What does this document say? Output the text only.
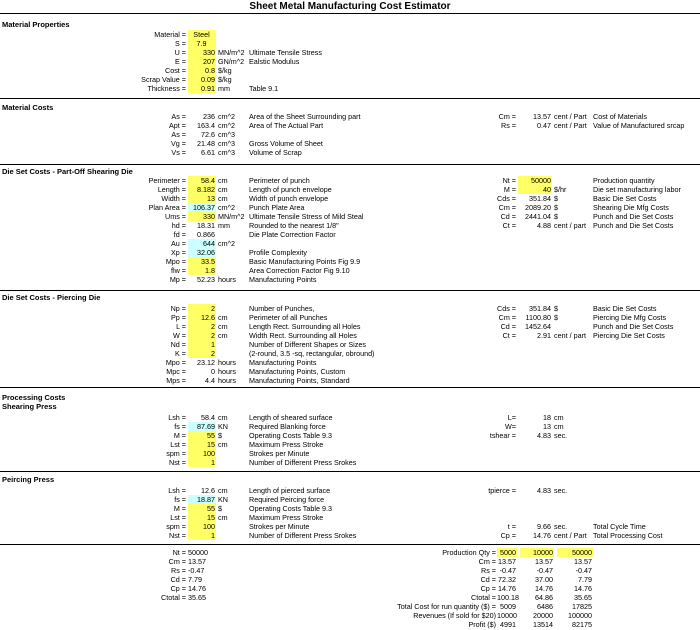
Sheet Metal Manufacturing Cost Estimator
Material Properties
Material Costs
Die Set Costs - Part-Off Shearing Die
Die Set Costs - Piercing Die
Processing Costs
Shearing Press
Peircing Press
Material =	Steel
S =	7.9
U =	330 MN/m^2 Ultimate Tensile Stress
E =	207 GN/m^2 Ealstic Modulus
Cost =	0.8 $/kg
Scrap Value =	0.09 $/kg
Thickness =	0.91 mm	Table 9.1
As =	236 cm^2 Area of the Sheet Surrounding part	Cm =	13.57 cent / Part Cost of Materials
Apt =	163.4 cm^2 Area of The Actual Part	Rs =	0.47 cent / Part Value of Manufactured srcap
As =	72.6 cm^3
Vg =	21.48 cm^3 Gross Volume of Sheet
Vs =	6.61 cm^3 Volume of Scrap
Perimeter =	58.4 cm	Perimeter of punch	Nt =	50000	Production quantity
Length =	8.182 cm	Length of punch envelope	M =	40 $/hr	Die set manufacturing labor
Width =	13 cm	Width of punch envelope	Cds =	351.84 $	Basic Die Set Costs
Plan Area = 106.37 cm^2 Punch Plate Area	Cm =	2089.20 $	Shearing Die Mfg Costs
Ums =	330 MN/m^2 Ultimate Tensile Stress of Mild Steal	Cd =	2441.04 $	Punch and Die Set Costs
hd =	18.31 mm	Rounded to the nearest 1/8"	Ct =	4.88 cent / part Punch and Die Set Costs
fd =	0.866	Die Plate Correction Factor
Au =	644 cm^2
Xp =	32.06	Profile Complexity
Mpo =	33.5	Basic Manufacturing Points Fig 9.9
flw =	1.8	Area Correction Factor Fig 9.10
Mp =	52.23 hours Manufacturing Points
Np =	2	Number of Punches,	Cds =	351.84 $	Basic Die Set Costs
Pp =	12.6 cm	Perimeter of all Punches	Cm =	1100.80 $	Piercing Die Mfg Costs
L =	2 cm	Length Rect. Surrounding all Holes	Cd =	1452.64	Punch and Die Set Costs
W =	2 cm	Width Rect. Surrounding all Holes	Ct =	2.91 cent / part Piercing Die Set Costs
Nd =	1	Number of Different Shapes or Sizes
K =	2	(2-round, 3.5 -sq, rectangular, obround)
Mpo =	23.12 hours Manufacturing Points
Mpc =	0 hours Manufacturing Points, Custom
Mps =	4.4 hours Manufacturing Points, Standard
Lsh =	58.4 cm	Length of sheared surface	L=	18 cm
fs =	87.69 KN	Required Blanking force	W=	13 cm
M =	55 $	Operating Costs Table 9.3	tshear =	4.83 sec.
Lst =	15 cm	Maximum Press Stroke
spm =	100	Strokes per Minute
Nst =	1	Number of Different Press Srokes
Lsh =	12.6 cm	Length of pierced surface	tpierce =	4.83 sec.
fs =	18.87 KN	Required Peircing force
M =	55 $	Operating Costs Table 9.3
Lst =	15 cm	Maximum Press Stroke
spm =	100	Strokes per Minute	t =	9.66 sec.	Total Cycle Time
Nst =	1	Number of Different Press Srokes	Cp =	14.76 cent / Part Total Processing Cost
Nt = 50000	Production Qty = 5000	10000	50000
Cm = 13.57	Cm = 13.57	13.57	13.57
Rs = -0.47	Rs = -0.47	-0.47	-0.47
Cd = 7.79	Cd = 72.32	37.00	7.79
Cp = 14.76	Cp = 14.76	14.76	14.76
Ctotal = 35.65	Ctotal = 100.18	64.86	35.65
Total Cost for run quantity ($) = 5009	6486	17825
Revenues (If sold for $20) 10000	20000	100000
Profit ($) 4991	13514	82175
